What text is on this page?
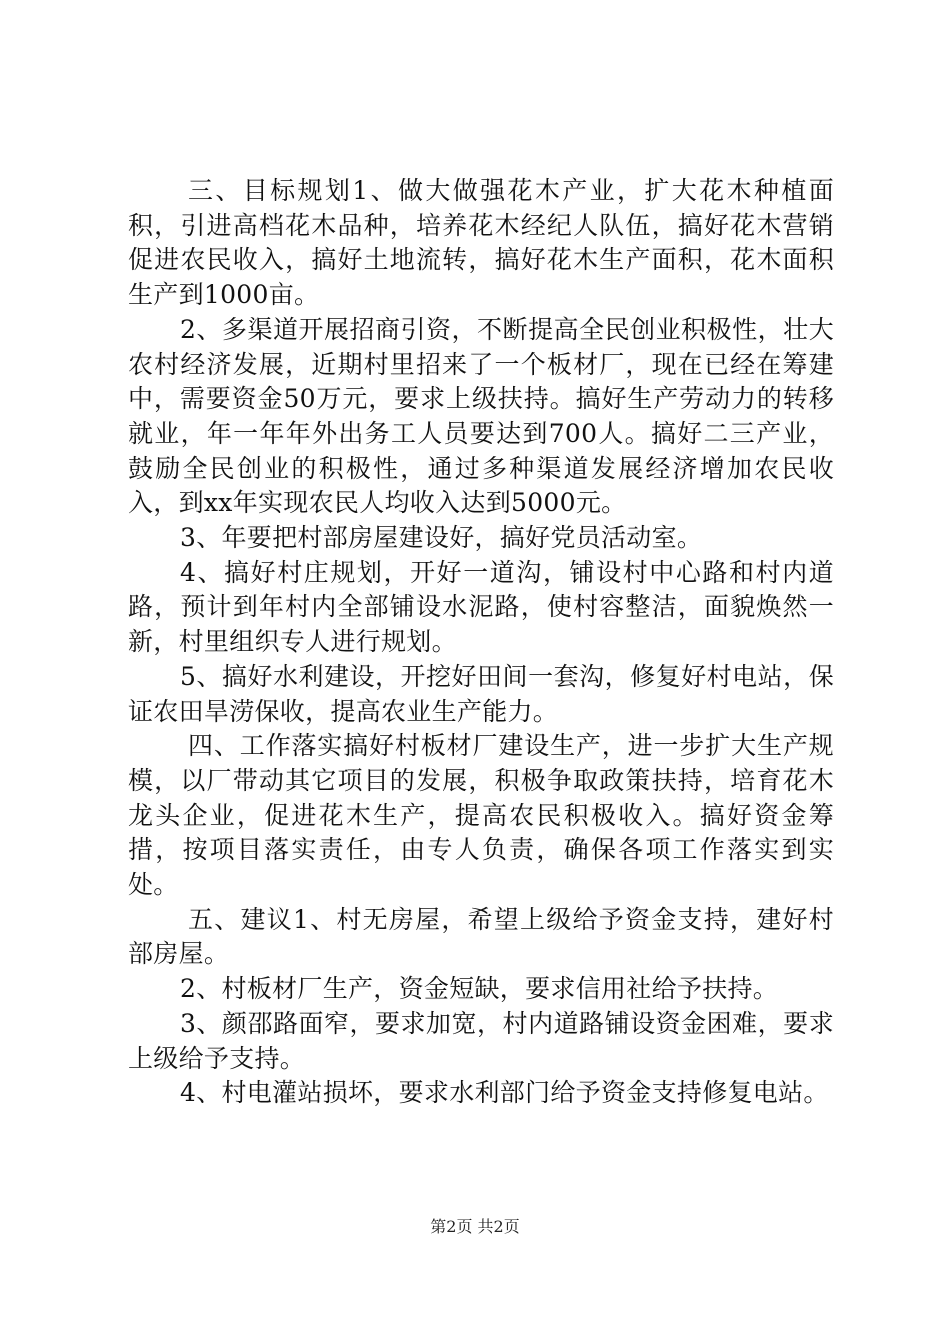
三、目标规划1、做大做强花木产业，扩大花木种植面积，引进高档花木品种，培养花木经纪人队伍，搞好花木营销促进农民收入，搞好土地流转，搞好花木生产面积，花木面积生产到1000亩。

2、多渠道开展招商引资，不断提高全民创业积极性，壮大农村经济发展，近期村里招来了一个板材厂，现在已经在筹建中，需要资金50万元，要求上级扶持。搞好生产劳动力的转移就业，年一年年外出务工人员要达到700人。搞好二三产业，鼓励全民创业的积极性，通过多种渠道发展经济增加农民收入，到xx年实现农民人均收入达到5000元。

3、年要把村部房屋建设好，搞好党员活动室。

4、搞好村庄规划，开好一道沟，铺设村中心路和村内道路，预计到年村内全部铺设水泥路，使村容整洁，面貌焕然一新，村里组织专人进行规划。

5、搞好水利建设，开挖好田间一套沟，修复好村电站，保证农田旱涝保收，提高农业生产能力。

四、工作落实搞好村板材厂建设生产，进一步扩大生产规模，以厂带动其它项目的发展，积极争取政策扶持，培育花木龙头企业，促进花木生产，提高农民积极收入。搞好资金筹措，按项目落实责任，由专人负责，确保各项工作落实到实处。

五、建议1、村无房屋，希望上级给予资金支持，建好村部房屋。

2、村板材厂生产，资金短缺，要求信用社给予扶持。

3、颜邵路面窄，要求加宽，村内道路铺设资金困难，要求上级给予支持。

4、村电灌站损坏，要求水利部门给予资金支持修复电站。

第2页 共2页
